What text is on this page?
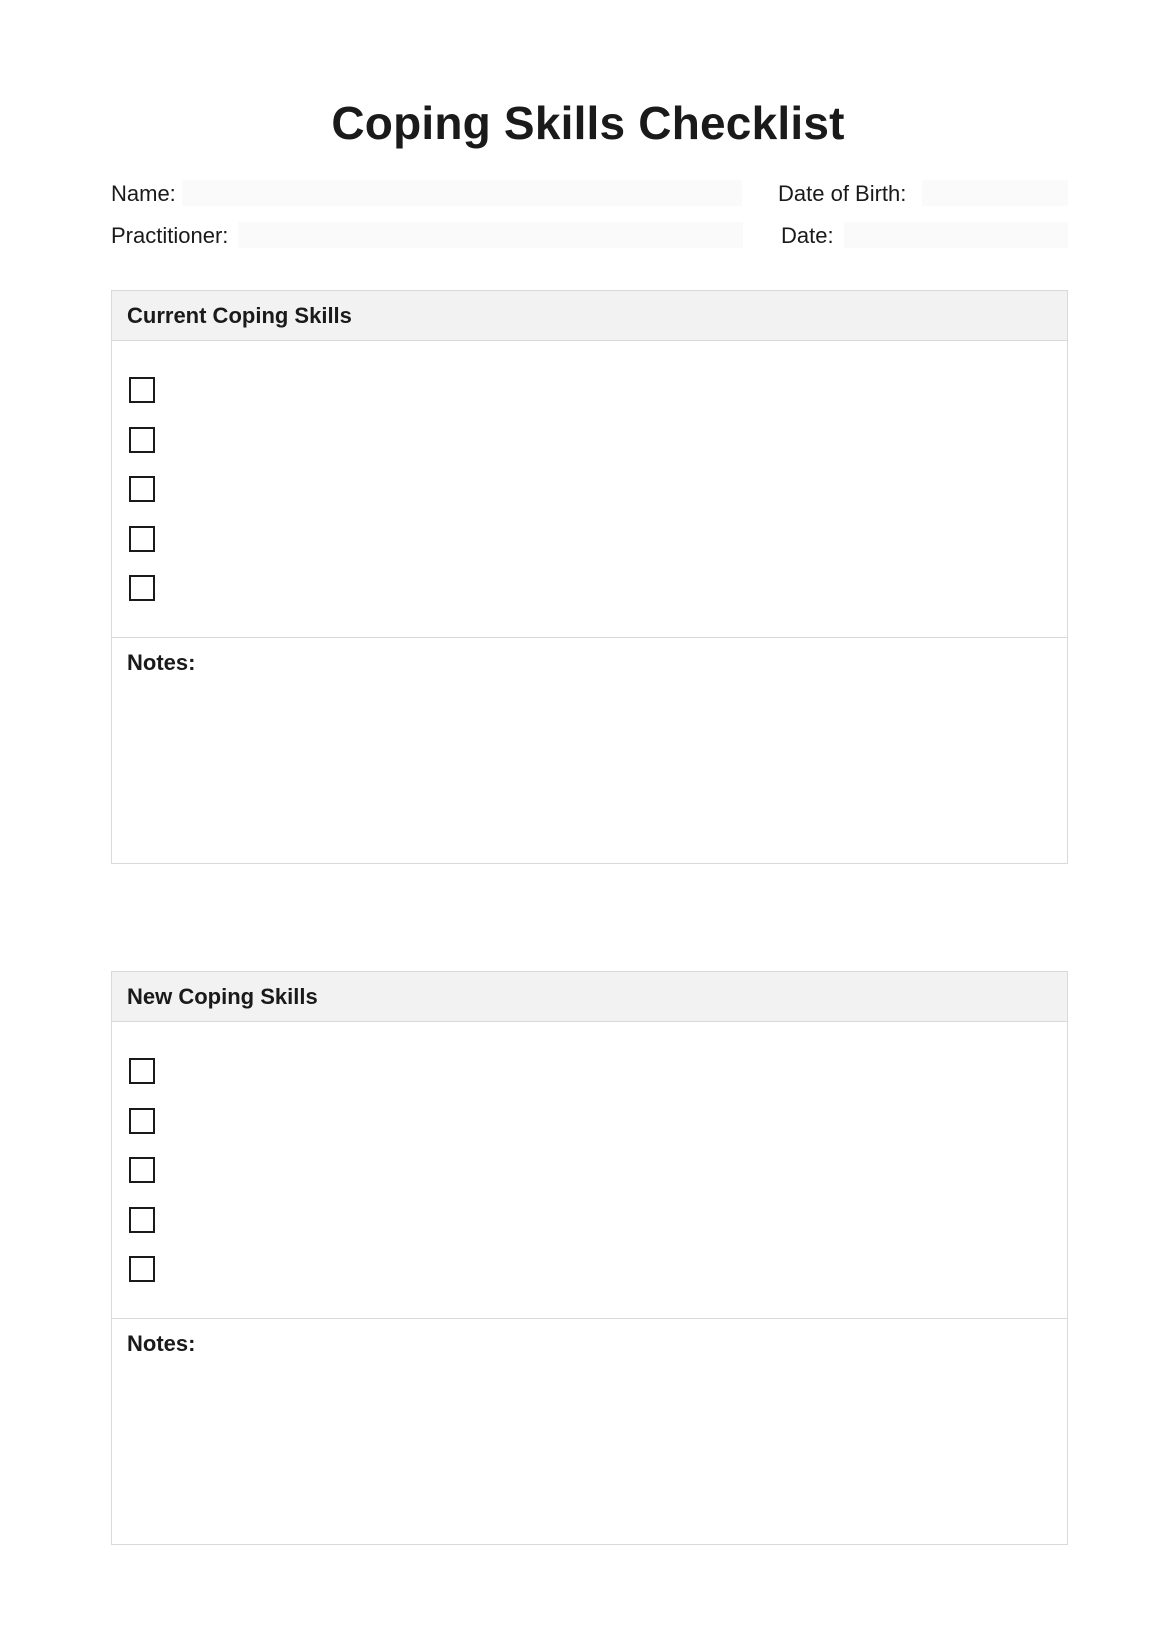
Coping Skills Checklist
Name:	Date of Birth:
Practitioner:	Date:
Current Coping Skills
Notes:
New Coping Skills
Notes:
